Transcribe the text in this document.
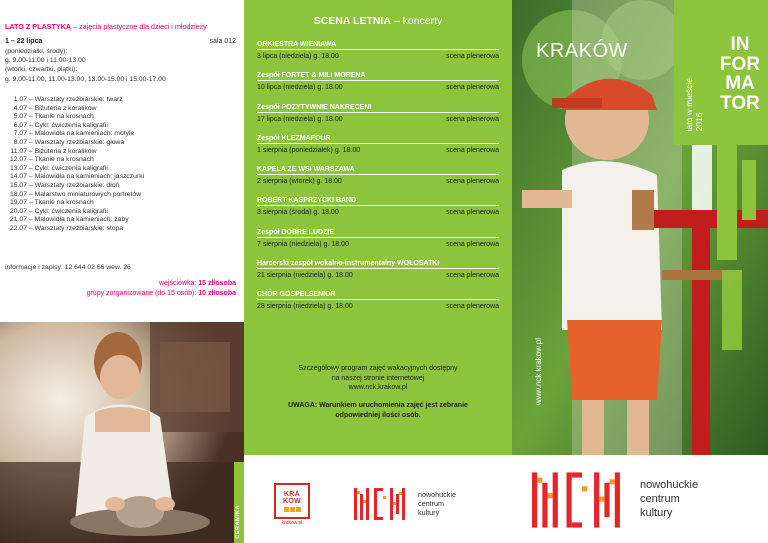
LATO Z PLASTYKĄ – zajęcia plastyczne dla dzieci i młodzieży
1 – 22 lipca	sala 012
(poniedziałki, środy):
g. 9.00-11.00 i 11.00-13.00
(wtorki, czwartki, piątki):
g. 9.00-11.00, 11.00-13.00, 13.00-15.00 i 15.00-17.00
1.07 – Warsztaty rzeźbiarskie: twarz
4.07 – Biżuteria z koralików
5.07 – Tkanie na krosnach
6.07 – Cykl: ćwiczenia kaligrafii
7.07 – Malowidła na kamieniach: motyle
8.07 – Warsztaty rzeźbiarskie: głowa
11.07 – Biżuteria z koralików
12.07 – Tkanie na krosnach
13.07 – Cykl: ćwiczenia kaligrafii
14.07 – Malowidła na kamieniach: jaszczurki
15.07 – Warsztaty rzeźbiarskie: dłoń
18.07 – Malarstwo miniaturowych portretów
19.07 – Tkanie na krosnach
20.07 – Cykl: ćwiczenia kaligrafii
21.07 – Malowidła na kamieniach: żaby
22.07 – Warsztaty rzeźbiarskie: stopa
informacje i zapisy: 12 644 02 66 wew. 26
wejściówka: 15 zł/osoba
grupy zorganizowane (do 15 osób): 10 zł/osoba
CERAMIKA
SCENA LETNIA – koncerty
ORKIESTRA WIENIAWA
3 lipca (niedziela) g. 18.00	scena plenerowa
Zespół FORTET & MILI MORENA
10 lipca (niedziela) g. 18.00	scena plenerowa
Zespół POZYTYWNIE NAKRĘCENI
17 lipca (niedziela) g. 18.00	scena plenerowa
Zespół KLEZMAFOUR
1 sierpnia (poniedziałek) g. 18.00	scena plenerowa
KAPELA ZE WSI WARSZAWA
2 sierpnia (wtorek) g. 18.00	scena plenerowa
ROBERT KASPRZYCKI BAND
3 sierpnia (środa) g. 18.00	scena plenerowa
Zespół DOBRE LUDZIE
7 sierpnia (niedziela) g. 18.00	scena plenerowa
Harcerski zespół wokalno-instrumentalny WOŁOSATKI
21 sierpnia (niedziela) g. 18.00	scena plenerowa
CHÓR GOSPELSENIOR
28 sierpnia (niedziela) g. 18.00	scena plenerowa
Szczegółowy program zajęć wakacyjnych dostępny
na naszej stronie internetowej
www.nck.krakow.pl
UWAGA: Warunkiem uruchomienia zajęć jest zebranie
odpowiedniej ilości osób.
KRA
KÓW
krakow.pl
nowohuckie
centrum
kultury
KRAKÓW
lato w mieście 2016
IN
FOR
MA
TOR
www.nck.krakow.pl
nowohuckie
centrum
kultury
